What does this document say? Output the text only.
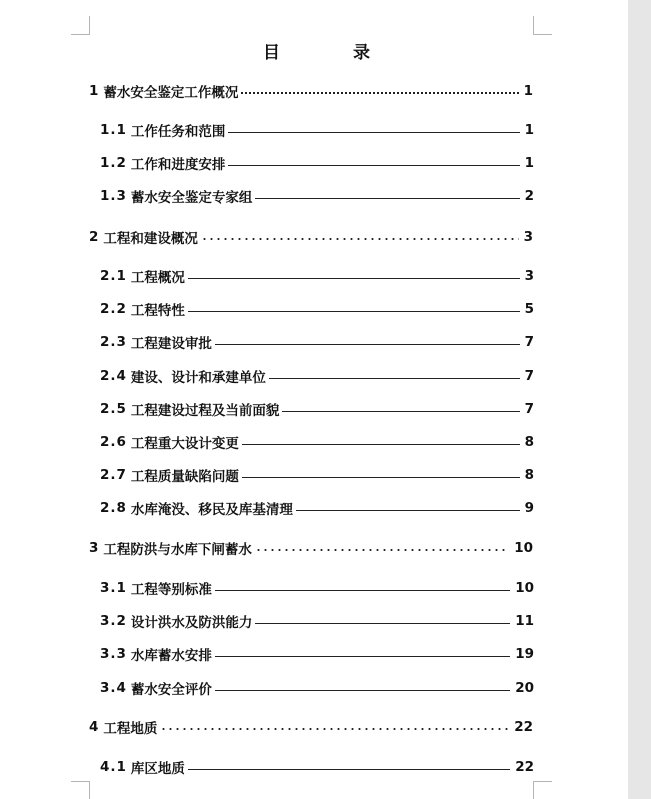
目　录
1 蓄水安全鉴定工作概况	1
1.1 工作任务和范围	1
1.2 工作和进度安排	1
1.3 蓄水安全鉴定专家组	2
2 工程和建设概况	3
2.1 工程概况	3
2.2 工程特性	5
2.3 工程建设审批	7
2.4 建设、设计和承建单位	7
2.5 工程建设过程及当前面貌	7
2.6 工程重大设计变更	8
2.7 工程质量缺陷问题	8
2.8 水库淹没、移民及库基清理	9
3 工程防洪与水库下闸蓄水	10
3.1 工程等别标准	10
3.2 设计洪水及防洪能力	11
3.3 水库蓄水安排	19
3.4 蓄水安全评价	20
4 工程地质	22
4.1 库区地质	22
